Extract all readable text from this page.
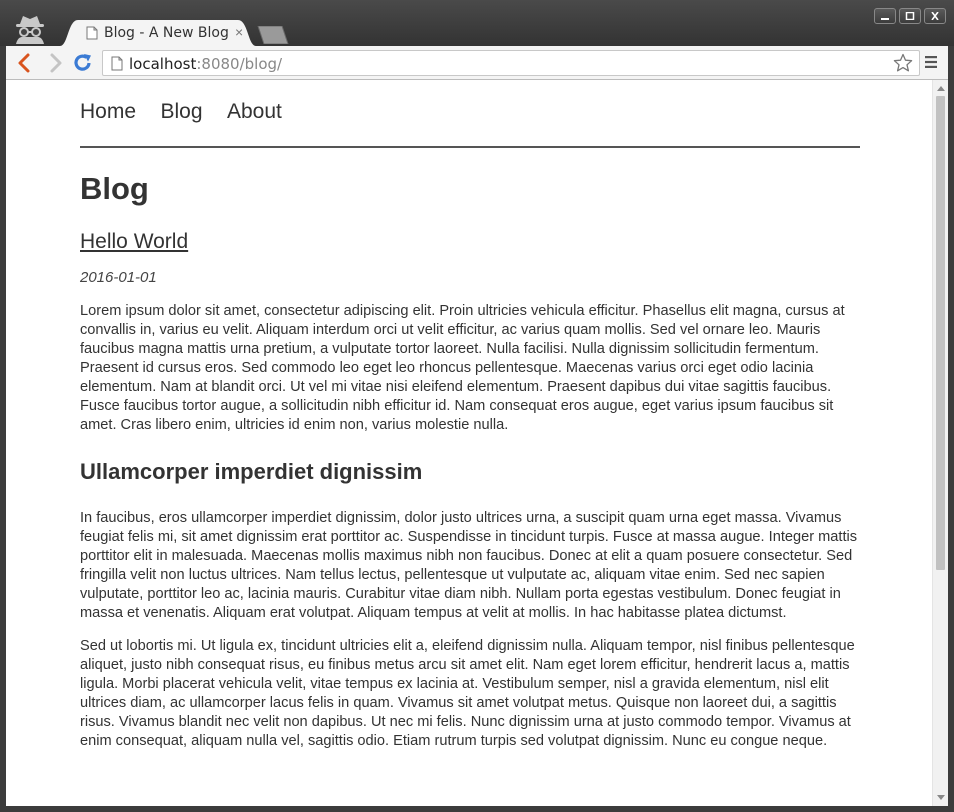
Blog - A New Blog ×
localhost:8080/blog/
Home Blog About
Blog
Hello World

2016-01-01

Lorem ipsum dolor sit amet, consectetur adipiscing elit. Proin ultricies vehicula efficitur. Phasellus elit magna, cursus at convallis in, varius eu velit. Aliquam interdum orci ut velit efficitur, ac varius quam mollis. Sed vel ornare leo. Mauris faucibus magna mattis urna pretium, a vulputate tortor laoreet. Nulla facilisi. Nulla dignissim sollicitudin fermentum. Praesent id cursus eros. Sed commodo leo eget leo rhoncus pellentesque. Maecenas varius orci eget odio lacinia elementum. Nam at blandit orci. Ut vel mi vitae nisi eleifend elementum. Praesent dapibus dui vitae sagittis faucibus. Fusce faucibus tortor augue, a sollicitudin nibh efficitur id. Nam consequat eros augue, eget varius ipsum faucibus sit amet. Cras libero enim, ultricies id enim non, varius molestie nulla.

Ullamcorper imperdiet dignissim

In faucibus, eros ullamcorper imperdiet dignissim, dolor justo ultrices urna, a suscipit quam urna eget massa. Vivamus feugiat felis mi, sit amet dignissim erat porttitor ac. Suspendisse in tincidunt turpis. Fusce at massa augue. Integer mattis porttitor elit in malesuada. Maecenas mollis maximus nibh non faucibus. Donec at elit a quam posuere consectetur. Sed fringilla velit non luctus ultrices. Nam tellus lectus, pellentesque ut vulputate ac, aliquam vitae enim. Sed nec sapien vulputate, porttitor leo ac, lacinia mauris. Curabitur vitae diam nibh. Nullam porta egestas vestibulum. Donec feugiat in massa et venenatis. Aliquam erat volutpat. Aliquam tempus at velit at mollis. In hac habitasse platea dictumst.

Sed ut lobortis mi. Ut ligula ex, tincidunt ultricies elit a, eleifend dignissim nulla. Aliquam tempor, nisl finibus pellentesque aliquet, justo nibh consequat risus, eu finibus metus arcu sit amet elit. Nam eget lorem efficitur, hendrerit lacus a, mattis ligula. Morbi placerat vehicula velit, vitae tempus ex lacinia at. Vestibulum semper, nisl a gravida elementum, nisl elit ultrices diam, ac ullamcorper lacus felis in quam. Vivamus sit amet volutpat metus. Quisque non laoreet dui, a sagittis risus. Vivamus blandit nec velit non dapibus. Ut nec mi felis. Nunc dignissim urna at justo commodo tempor. Vivamus at enim consequat, aliquam nulla vel, sagittis odio. Etiam rutrum turpis sed volutpat dignissim. Nunc eu congue neque.
